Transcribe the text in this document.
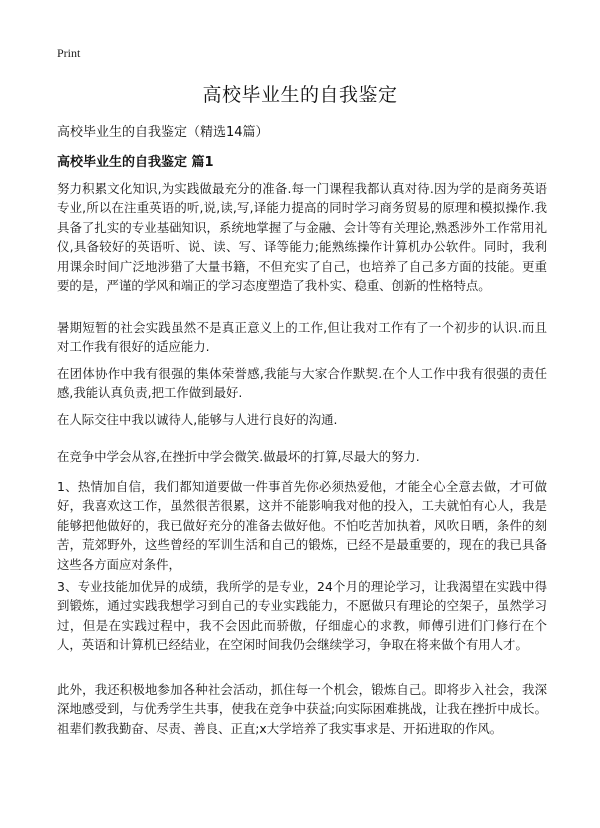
Print
高校毕业生的自我鉴定

高校毕业生的自我鉴定（精选14篇）

高校毕业生的自我鉴定 篇1

努力积累文化知识,为实践做最充分的准备.每一门课程我都认真对待.因为学的是商务英语专业,所以在注重英语的听,说,读,写,译能力提高的同时学习商务贸易的原理和模拟操作.我具备了扎实的专业基础知识，系统地掌握了与金融、会计等有关理论,熟悉涉外工作常用礼仪,具备较好的英语听、说、读、写、译等能力;能熟练操作计算机办公软件。同时，我利用课余时间广泛地涉猎了大量书籍，不但充实了自己，也培养了自己多方面的技能。更重要的是，严谨的学风和端正的学习态度塑造了我朴实、稳重、创新的性格特点。

暑期短暂的社会实践虽然不是真正意义上的工作,但让我对工作有了一个初步的认识.而且对工作我有很好的适应能力.

在团体协作中我有很强的集体荣誉感,我能与大家合作默契.在个人工作中我有很强的责任感,我能认真负责,把工作做到最好.

在人际交往中我以诚待人,能够与人进行良好的沟通.

在竞争中学会从容,在挫折中学会微笑.做最坏的打算,尽最大的努力.

1、热情加自信，我们都知道要做一件事首先你必须热爱他，才能全心全意去做，才可做好，我喜欢这工作，虽然很苦很累，这并不能影响我对他的投入，工夫就怕有心人，我是能够把他做好的，我已做好充分的准备去做好他。不怕吃苦加执着，风吹日晒，条件的刻苦，荒郊野外，这些曾经的军训生活和自己的锻炼，已经不是最重要的，现在的我已具备这些各方面应对条件，

3、专业技能加优异的成绩，我所学的是专业，24个月的理论学习，让我渴望在实践中得到锻炼，通过实践我想学习到自己的专业实践能力，不愿做只有理论的空架子，虽然学习过，但是在实践过程中，我不会因此而骄傲，仔细虚心的求教，师傅引进们门修行在个人，英语和计算机已经结业，在空闲时间我仍会继续学习，争取在将来做个有用人才。

此外，我还积极地参加各种社会活动，抓住每一个机会，锻炼自己。即将步入社会，我深深地感受到，与优秀学生共事，使我在竞争中获益;向实际困难挑战，让我在挫折中成长。祖辈们教我勤奋、尽责、善良、正直;x大学培养了我实事求是、开拓进取的作风。
